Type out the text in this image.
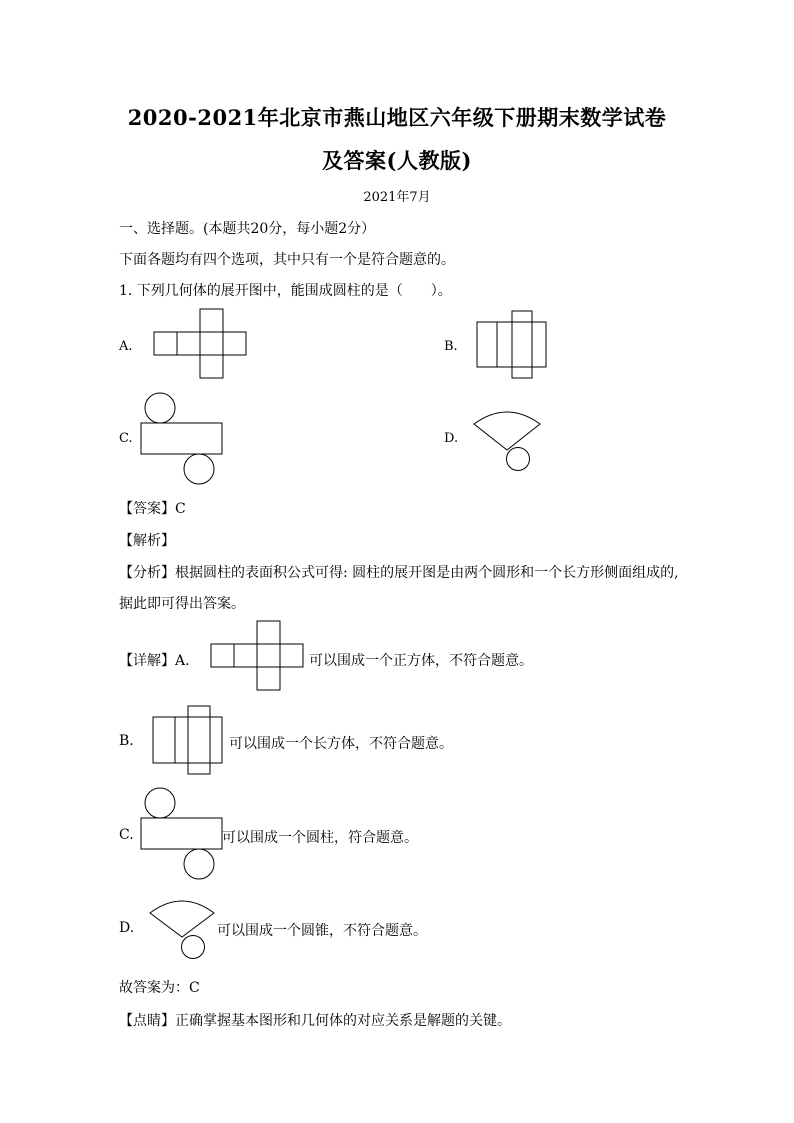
2020-2021年北京市燕山地区六年级下册期末数学试卷
及答案(人教版)
2021年7月
一、选择题。(本题共20分，每小题2分）
下面各题均有四个选项，其中只有一个是符合题意的。
1. 下列几何体的展开图中，能围成圆柱的是（　　）。
A.	B.
C.	D.
【答案】C
【解析】
【分析】根据圆柱的表面积公式可得: 圆柱的展开图是由两个圆形和一个长方形侧面组成的,
据此即可得出答案。
【详解】A.	可以围成一个正方体，不符合题意。
B.	可以围成一个长方体，不符合题意。
C.	可以围成一个圆柱，符合题意。
D.	可以围成一个圆锥，不符合题意。
故答案为：C
【点睛】正确掌握基本图形和几何体的对应关系是解题的关键。
